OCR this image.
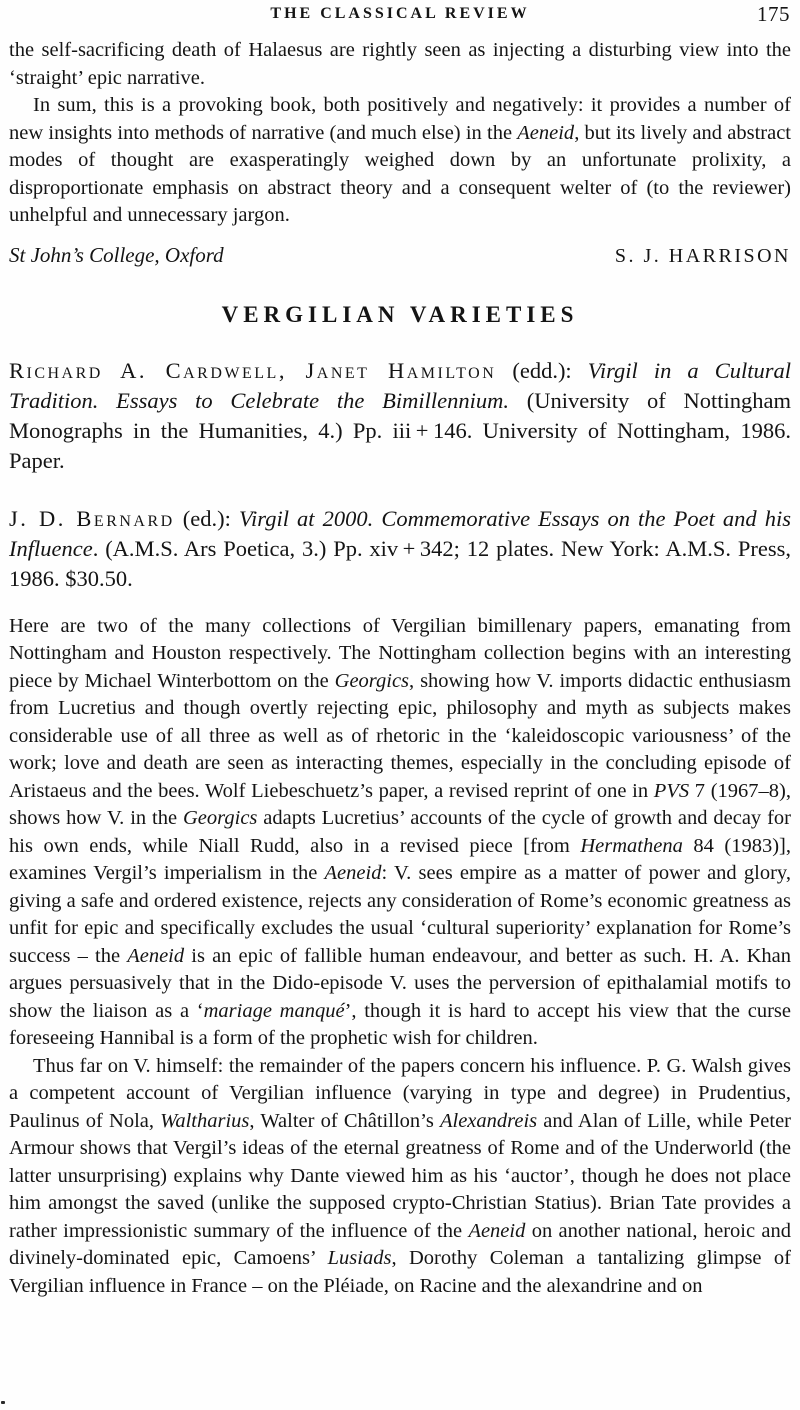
THE CLASSICAL REVIEW	175

the self-sacrificing death of Halaesus are rightly seen as injecting a disturbing view into the ‘straight’ epic narrative.

In sum, this is a provoking book, both positively and negatively: it provides a number of new insights into methods of narrative (and much else) in the Aeneid, but its lively and abstract modes of thought are exasperatingly weighed down by an unfortunate prolixity, a disproportionate emphasis on abstract theory and a consequent welter of (to the reviewer) unhelpful and unnecessary jargon.

St John’s College, Oxford	S. J. HARRISON
VERGILIAN VARIETIES

Richard A. Cardwell, Janet Hamilton (edd.): Virgil in a Cultural Tradition. Essays to Celebrate the Bimillennium. (University of Nottingham Monographs in the Humanities, 4.) Pp. iii + 146. University of Nottingham, 1986. Paper.

J. D. Bernard (ed.): Virgil at 2000. Commemorative Essays on the Poet and his Influence. (A.M.S. Ars Poetica, 3.) Pp. xiv + 342; 12 plates. New York: A.M.S. Press, 1986. $30.50.

Here are two of the many collections of Vergilian bimillenary papers, emanating from Nottingham and Houston respectively. The Nottingham collection begins with an interesting piece by Michael Winterbottom on the Georgics, showing how V. imports didactic enthusiasm from Lucretius and though overtly rejecting epic, philosophy and myth as subjects makes considerable use of all three as well as of rhetoric in the ‘kaleidoscopic variousness’ of the work; love and death are seen as interacting themes, especially in the concluding episode of Aristaeus and the bees. Wolf Liebeschuetz’s paper, a revised reprint of one in PVS 7 (1967–8), shows how V. in the Georgics adapts Lucretius’ accounts of the cycle of growth and decay for his own ends, while Niall Rudd, also in a revised piece [from Hermathena 84 (1983)], examines Vergil’s imperialism in the Aeneid: V. sees empire as a matter of power and glory, giving a safe and ordered existence, rejects any consideration of Rome’s economic greatness as unfit for epic and specifically excludes the usual ‘cultural superiority’ explanation for Rome’s success – the Aeneid is an epic of fallible human endeavour, and better as such. H. A. Khan argues persuasively that in the Dido-episode V. uses the perversion of epithalamial motifs to show the liaison as a ‘mariage manqué’, though it is hard to accept his view that the curse foreseeing Hannibal is a form of the prophetic wish for children.

Thus far on V. himself: the remainder of the papers concern his influence. P. G. Walsh gives a competent account of Vergilian influence (varying in type and degree) in Prudentius, Paulinus of Nola, Waltharius, Walter of Châtillon’s Alexandreis and Alan of Lille, while Peter Armour shows that Vergil’s ideas of the eternal greatness of Rome and of the Underworld (the latter unsurprising) explains why Dante viewed him as his ‘auctor’, though he does not place him amongst the saved (unlike the supposed crypto-Christian Statius). Brian Tate provides a rather impressionistic summary of the influence of the Aeneid on another national, heroic and divinely-dominated epic, Camoens’ Lusiads, Dorothy Coleman a tantalizing glimpse of Vergilian influence in France – on the Pléiade, on Racine and the alexandrine and on
